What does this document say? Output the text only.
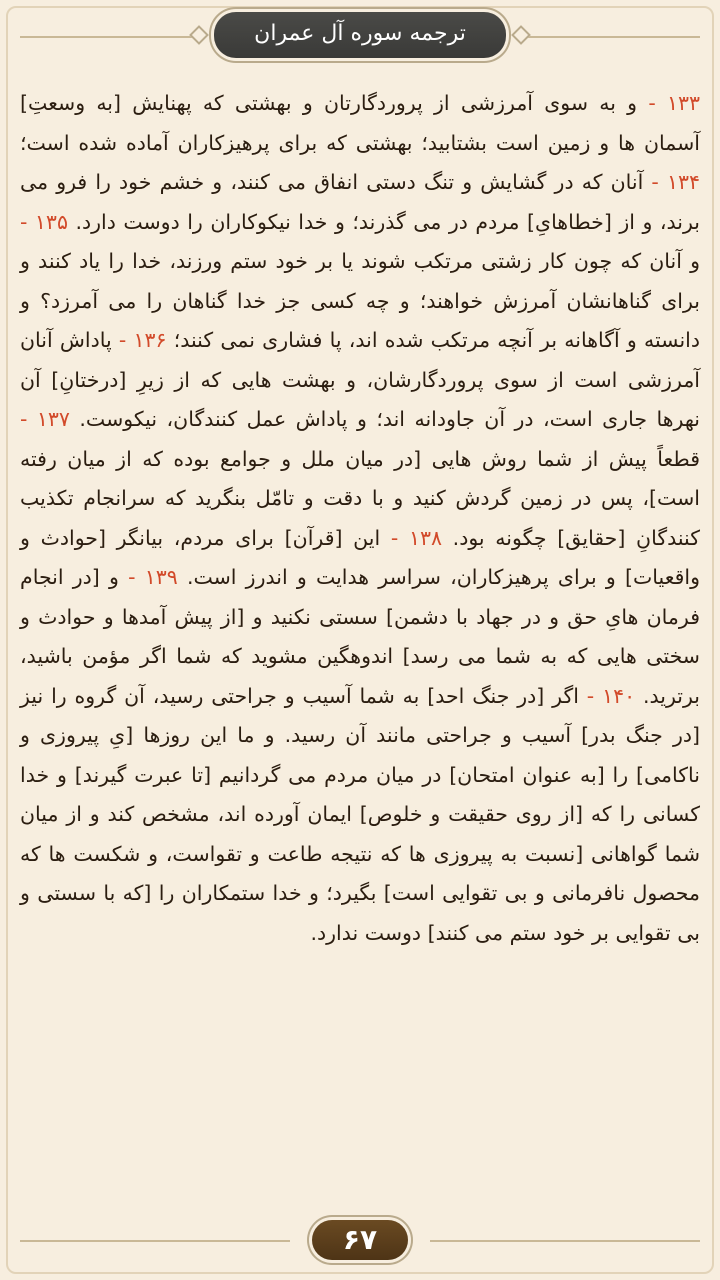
ترجمه سوره آل عمران
۱۳۳ - و به سوی آمرزشی از پروردگارتان و بهشتی که پهنایش [به وسعتِ] آسمان ها و زمین است بشتابید؛ بهشتی که برای پرهیزکاران آماده شده است؛ ۱۳۴ - آنان که در گشایش و تنگ دستی انفاق می کنند، و خشم خود را فرو می برند، و از [خطاهایِ] مردم در می گذرند؛ و خدا نیکوکاران را دوست دارد. ۱۳۵ - و آنان که چون کار زشتی مرتکب شوند یا بر خود ستم ورزند، خدا را یاد کنند و برای گناهانشان آمرزش خواهند؛ و چه کسی جز خدا گناهان را می آمرزد؟ و دانسته و آگاهانه بر آنچه مرتکب شده اند، پا فشاری نمی کنند؛ ۱۳۶ - پاداش آنان آمرزشی است از سوی پروردگارشان، و بهشت هایی که از زیرِ [درختانِ] آن نهرها جاری است، در آن جاودانه اند؛ و پاداش عمل کنندگان، نیکوست. ۱۳۷ - قطعاً پیش از شما روش هایی [در میان ملل و جوامع بوده که از میان رفته است]، پس در زمین گردش کنید و با دقت و تامّل بنگرید که سرانجام تکذیب کنندگانِ [حقایق] چگونه بود. ۱۳۸ - این [قرآن] برای مردم، بیانگر [حوادث و واقعیات] و برای پرهیزکاران، سراسر هدایت و اندرز است. ۱۳۹ - و [در انجام فرمان هایِ حق و در جهاد با دشمن] سستی نکنید و [از پیش آمدها و حوادث و سختی هایی که به شما می رسد] اندوهگین مشوید که شما اگر مؤمن باشید، برترید. ۱۴۰ - اگر [در جنگ احد] به شما آسیب و جراحتی رسید، آن گروه را نیز [در جنگ بدر] آسیب و جراحتی مانند آن رسید. و ما این روزها [یِ پیروزی و ناکامی] را [به عنوان امتحان] در میان مردم می گردانیم [تا عبرت گیرند] و خدا کسانی را که [از روی حقیقت و خلوص] ایمان آورده اند، مشخص کند و از میان شما گواهانی [نسبت به پیروزی ها که نتیجه طاعت و تقواست، و شکست ها که محصول نافرمانی و بی تقوایی است] بگیرد؛ و خدا ستمکاران را [که با سستی و بی تقوایی بر خود ستم می کنند] دوست ندارد.
۶۷
